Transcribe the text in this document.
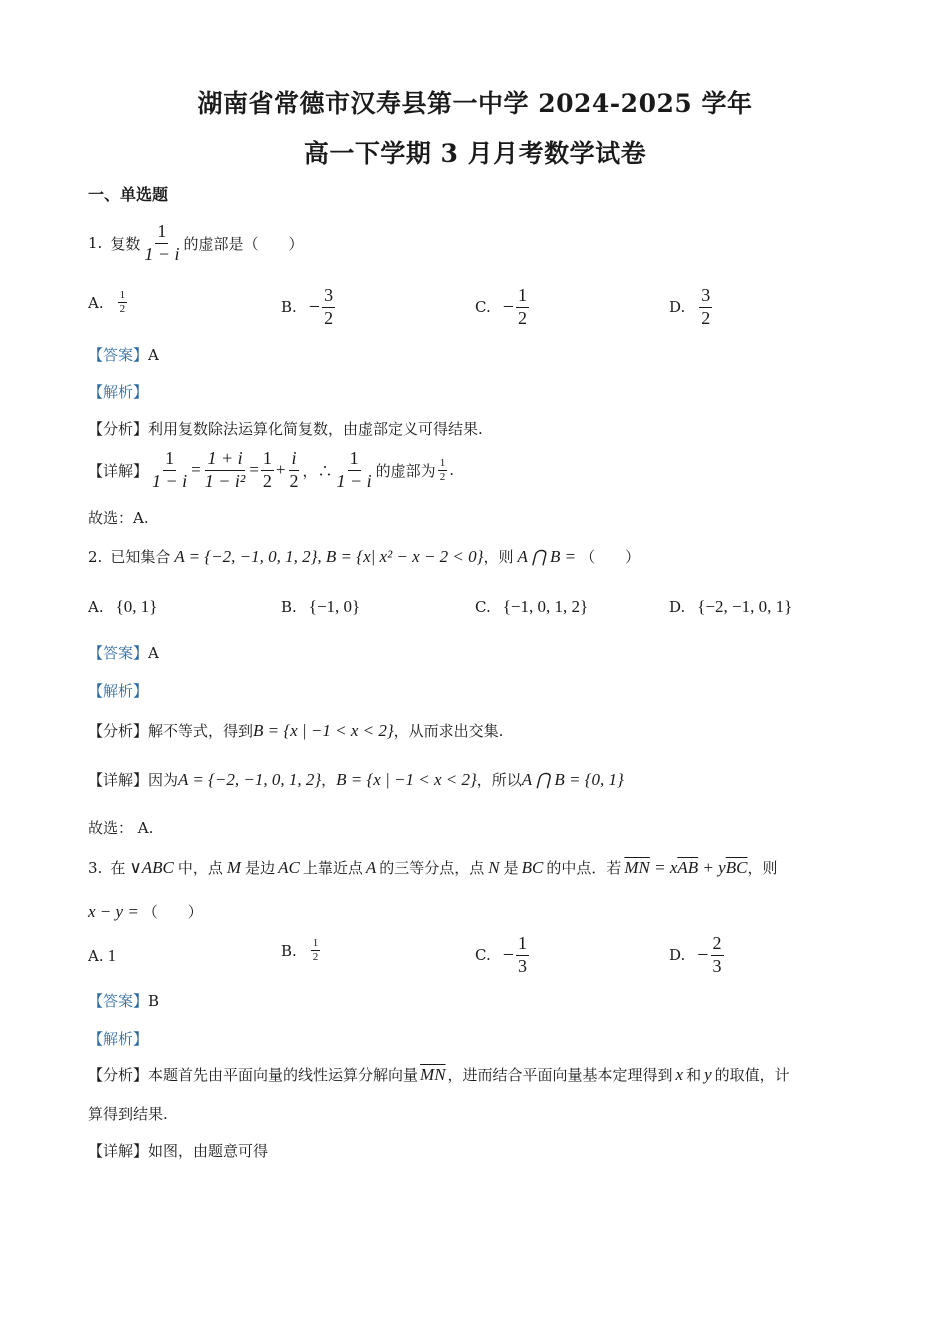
湖南省常德市汉寿县第一中学 2024-2025 学年
高一下学期 3 月月考数学试卷
一、单选题
1. 复数 $\frac{1}{1 - i}$ 的虚部是（　　）
A. $\frac{1}{2}$	B. − $\frac{3}{2}$	C. − $\frac{1}{2}$	D. $\frac{3}{2}$
【答案】A
【解析】
【分析】利用复数除法运算化简复数，由虚部定义可得结果.
【详解】 $\frac{1}{1 - i} = \frac{1 + i}{\text{1 − i²}} = \frac{1}{2} + \frac{i}{2}$ ，∴ $\frac{1}{1 - i}$ 的虚部为 $\frac{1}{2}$ .
故选：A.
2. 已知集合 A = {−2, −1, 0, 1, 2}, B = {x| x² − x − 2 < 0} ，则 A ⋂ B = （　　）
A. {0, 1}	B. {−1, 0}	C. {−1, 0, 1, 2}	D. {−2, −1, 0, 1}
【答案】A
【解析】
【分析】 解不等式，得到 B = {x | −1 < x < 2} ，从而求出交集.
【详解】 因为 A = {−2, −1, 0, 1, 2} ， B = {x | −1 < x < 2} ，所以 A ⋂ B = {0, 1}
故选： A.
3. 在 ∨ABC 中，点 M 是边 AC 上靠近点 A 的三等分点，点 N 是 BC 的中点．若 $\overline{MN} = x$ $\overline{AB} + y$ $\overline{BC}$ ，则
x − y = （　　）
A. 1	B. $\frac{1}{2}$	C. − $\frac{1}{3}$	D. − $\frac{2}{3}$
【答案】B
【解析】
【分析】 本题首先由平面向量的线性运算分解向量 $\overline{MN}$ ，进而结合平面向量基本定理得到 x 和 y 的取值，计
算得到结果.
【详解】如图，由题意可得
